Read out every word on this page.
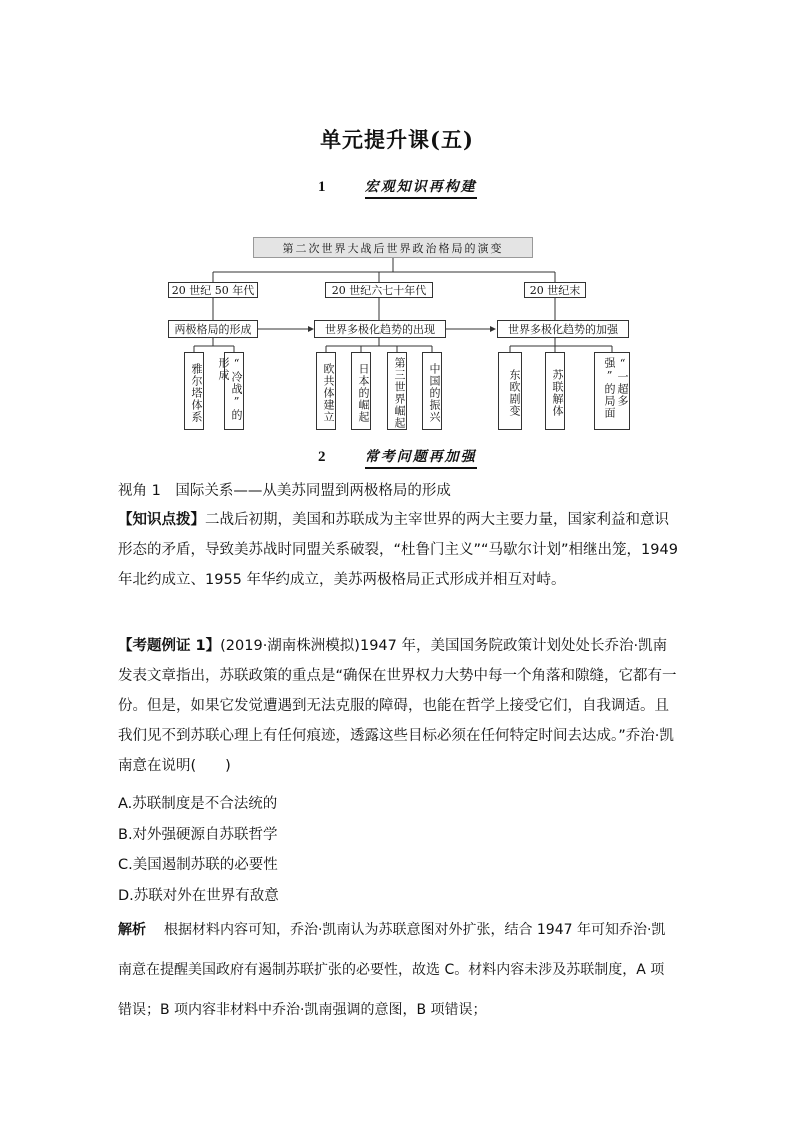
单元提升课(五)
1	宏观知识再构建
第二次世界大战后世界政治格局的演变
20 世纪 50 年代	20 世纪六七十年代	20 世纪末
两极格局的形成	世界多极化趋势的出现	世界多极化趋势的加强
雅尔塔体系	“冷战”的形成	欧共体建立	日本的崛起	第三世界崛起	中国的振兴	东欧剧变	苏联解体	“一超多强”的局面
2	常考问题再加强
视角 1　国际关系——从美苏同盟到两极格局的形成
【知识点拨】二战后初期，美国和苏联成为主宰世界的两大主要力量，国家利益和意识形态的矛盾，导致美苏战时同盟关系破裂，“杜鲁门主义”“马歇尔计划”相继出笼，1949 年北约成立、1955 年华约成立，美苏两极格局正式形成并相互对峙。
【考题例证 1】(2019·湖南株洲模拟)1947 年，美国国务院政策计划处处长乔治·凯南发表文章指出，苏联政策的重点是“确保在世界权力大势中每一个角落和隙缝，它都有一份。但是，如果它发觉遭遇到无法克服的障碍，也能在哲学上接受它们，自我调适。且我们见不到苏联心理上有任何痕迹，透露这些目标必须在任何特定时间去达成。”乔治·凯南意在说明(　　)
A.苏联制度是不合法统的
B.对外强硬源自苏联哲学
C.美国遏制苏联的必要性
D.苏联对外在世界有敌意
解析 根据材料内容可知，乔治·凯南认为苏联意图对外扩张，结合 1947 年可知乔治·凯南意在提醒美国政府有遏制苏联扩张的必要性，故选 C。材料内容未涉及苏联制度，A 项错误；B 项内容非材料中乔治·凯南强调的意图，B 项错误；
